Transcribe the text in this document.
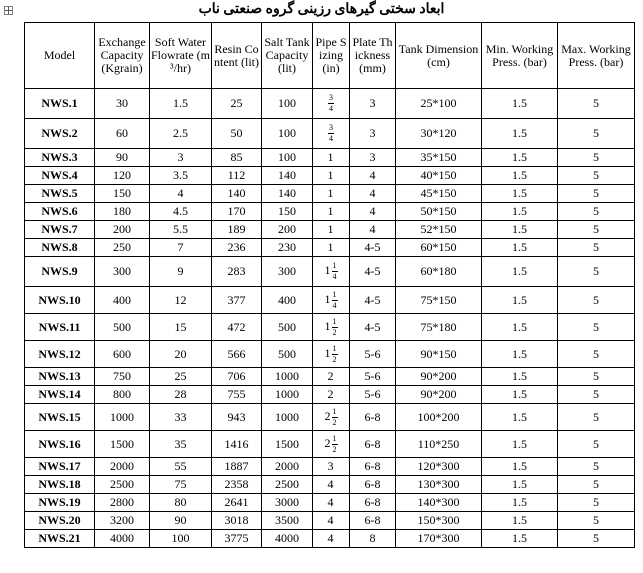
ابعاد سختی گیرهای رزینی گروه صنعتی ناب
Model	Exchange Capacity (Kgrain)	Soft Water Flowrate (m³/hr)	Resin Content (lit)	Salt Tank Capacity (lit)	Pipe Sizing (in)	Plate Thickness (mm)	Tank Dimension (cm)	Min. Working Press. (bar)	Max. Working Press. (bar)
NWS.1	30	1.5	25	100	$\frac{3}{4}$	3	25*100	1.5	5
NWS.2	60	2.5	50	100	$\frac{3}{4}$	3	30*120	1.5	5
NWS.3	90	3	85	100	1	3	35*150	1.5	5
NWS.4	120	3.5	112	140	1	4	40*150	1.5	5
NWS.5	150	4	140	140	1	4	45*150	1.5	5
NWS.6	180	4.5	170	150	1	4	50*150	1.5	5
NWS.7	200	5.5	189	200	1	4	52*150	1.5	5
NWS.8	250	7	236	230	1	4-5	60*150	1.5	5
NWS.9	300	9	283	300	$1 \frac{1}{4}$	4-5	60*180	1.5	5
NWS.10	400	12	377	400	$1 \frac{1}{4}$	4-5	75*150	1.5	5
NWS.11	500	15	472	500	$1 \frac{1}{2}$	4-5	75*180	1.5	5
NWS.12	600	20	566	500	$1 \frac{1}{2}$	5-6	90*150	1.5	5
NWS.13	750	25	706	1000	2	5-6	90*200	1.5	5
NWS.14	800	28	755	1000	2	5-6	90*200	1.5	5
NWS.15	1000	33	943	1000	$2 \frac{1}{2}$	6-8	100*200	1.5	5
NWS.16	1500	35	1416	1500	$2 \frac{1}{2}$	6-8	110*250	1.5	5
NWS.17	2000	55	1887	2000	3	6-8	120*300	1.5	5
NWS.18	2500	75	2358	2500	4	6-8	130*300	1.5	5
NWS.19	2800	80	2641	3000	4	6-8	140*300	1.5	5
NWS.20	3200	90	3018	3500	4	6-8	150*300	1.5	5
NWS.21	4000	100	3775	4000	4	8	170*300	1.5	5
